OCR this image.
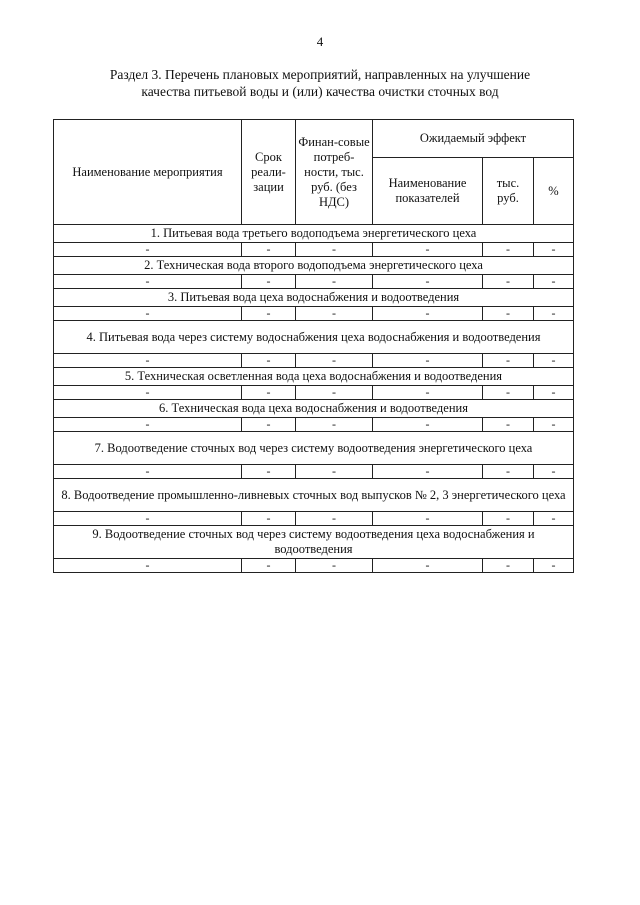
4
Раздел 3. Перечень плановых мероприятий, направленных на улучшение
качества питьевой воды и (или) качества очистки сточных вод
Наименование мероприятия	Срок реали-зации	Финан-совые потреб-ности, тыс. руб. (без НДС)	Ожидаемый эффект		
			Наименование показателей	тыс. руб.	%
1. Питьевая вода третьего водоподъема энергетического цеха					
-	-	-	-	-	-
2. Техническая вода второго водоподъема энергетического цеха					
-	-	-	-	-	-
3. Питьевая вода цеха водоснабжения и водоотведения					
-	-	-	-	-	-
4. Питьевая вода через систему водоснабжения цеха водоснабжения и водоотведения					
-	-	-	-	-	-
5. Техническая осветленная вода цеха водоснабжения и водоотведения					
-	-	-	-	-	-
6. Техническая вода цеха водоснабжения и водоотведения					
-	-	-	-	-	-
7. Водоотведение сточных вод через систему водоотведения энергетического цеха					
-	-	-	-	-	-
8. Водоотведение промышленно-ливневых сточных вод выпусков № 2, 3 энергетического цеха					
-	-	-	-	-	-
9. Водоотведение сточных вод через систему водоотведения цеха водоснабжения и водоотведения					
-	-	-	-	-	-
